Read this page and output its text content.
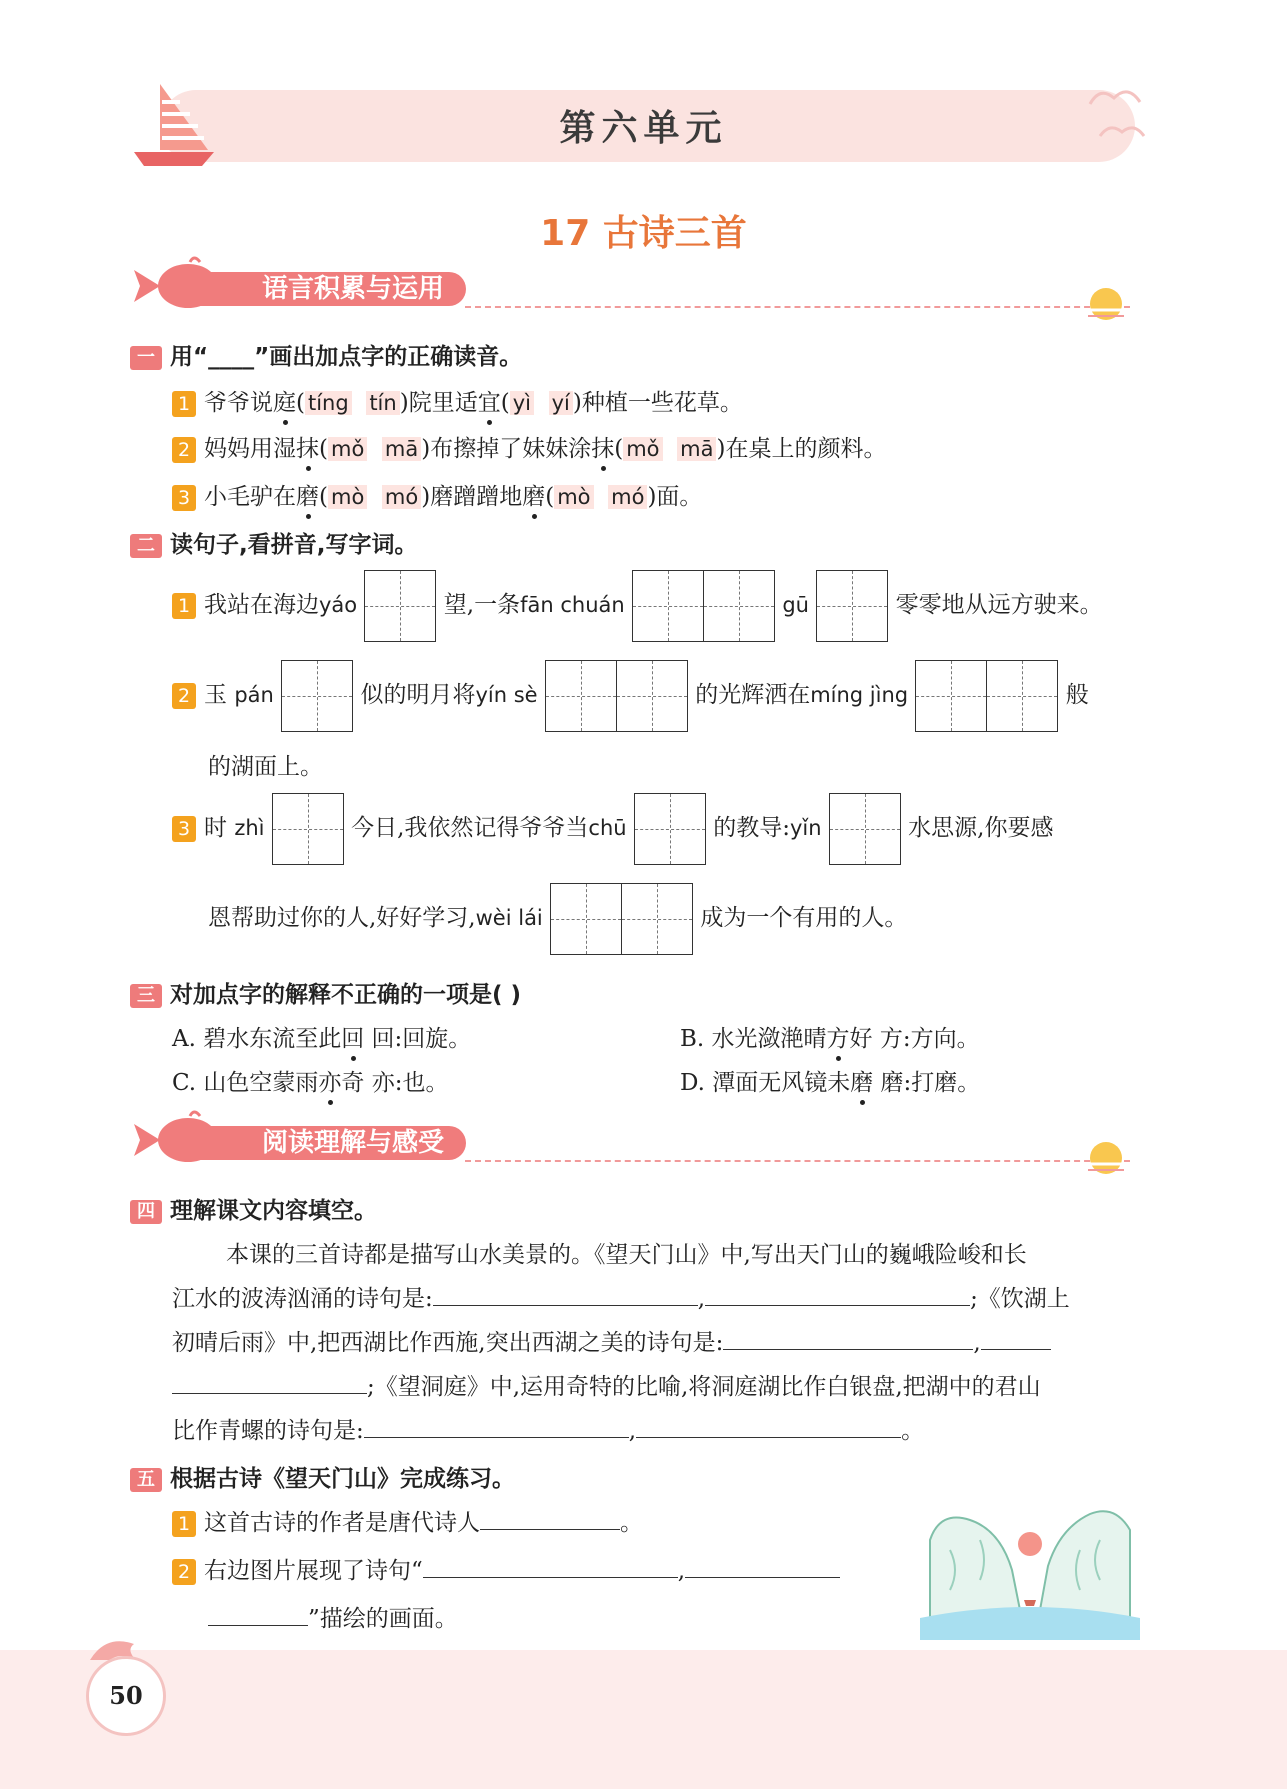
第六单元
17 古诗三首
语言积累与运用
一 用“____”画出加点字的正确读音。
1 爷爷说庭( tíng tín )院里适宜( yì yí )种植一些花草。
2 妈妈用湿抹( mǒ mā )布擦掉了妹妹涂抹( mǒ mā )在桌上的颜料。
3 小毛驴在磨( mò mó )磨蹭蹭地磨( mò mó )面。
二 读句子,看拼音,写字词。
1 我站在海边yáo	望,一条fān chuán	gū	零零地从远方驶来。
2 玉 pán	似的明月将yín sè	的光辉洒在míng jìng	般
的湖面上。
3 时 zhì	今日,我依然记得爷爷当chū	的教导:yǐn	水思源,你要感
恩帮助过你的人,好好学习,wèi lái	成为一个有用的人。
三 对加点字的解释不正确的一项是( )
A. 碧水东流至此回 回:回旋。	B. 水光潋滟晴方好 方:方向。
C. 山色空蒙雨亦奇 亦:也。	D. 潭面无风镜未磨 磨:打磨。
阅读理解与感受
四 理解课文内容填空。
本课的三首诗都是描写山水美景的。《望天门山》中,写出天门山的巍峨险峻和长
江水的波涛汹涌的诗句是:	,	;《饮湖上
初晴后雨》中,把西湖比作西施,突出西湖之美的诗句是:	,
;《望洞庭》中,运用奇特的比喻,将洞庭湖比作白银盘,把湖中的君山
比作青螺的诗句是:	,	。
五 根据古诗《望天门山》完成练习。
1 这首古诗的作者是唐代诗人	。
2 右边图片展现了诗句“	,
”描绘的画面。
50
